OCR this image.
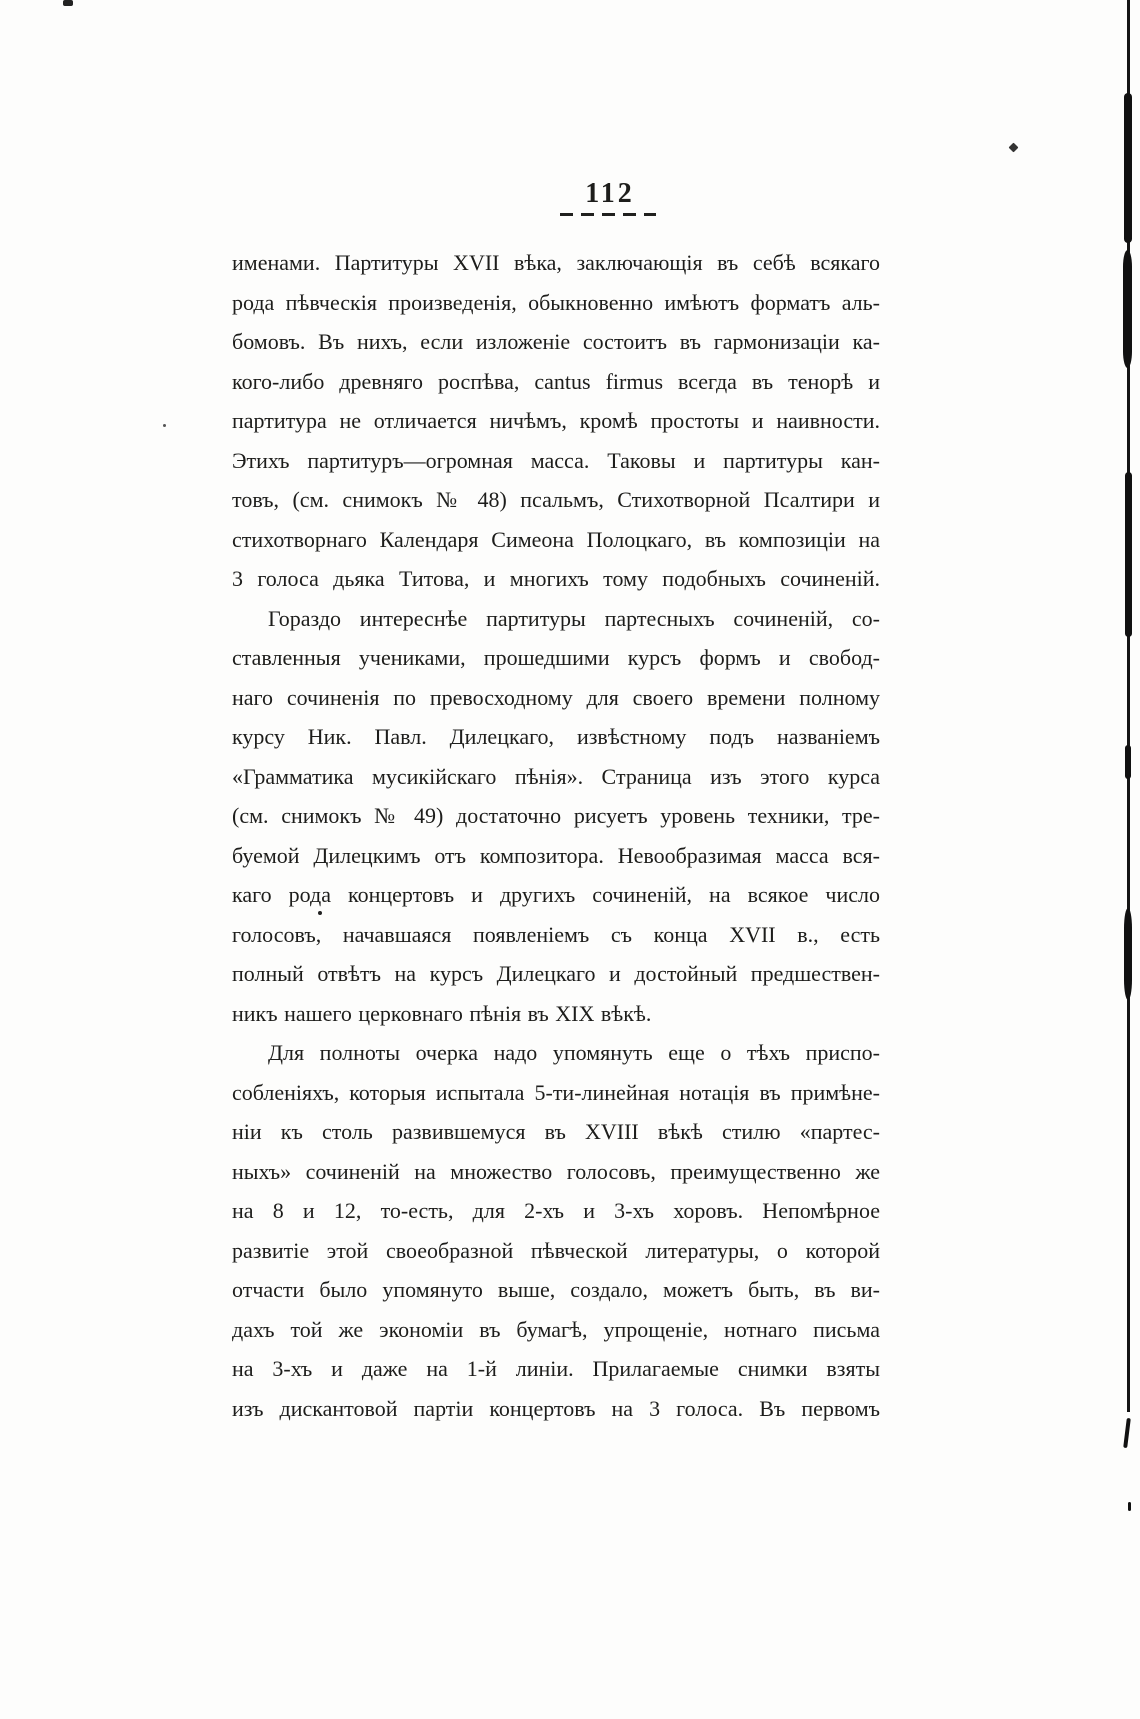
112
именами. Партитуры XVII вѣка, заключающія въ себѣ всякаго
рода пѣвческія произведенія, обыкновенно имѣютъ форматъ аль-
бомовъ. Въ нихъ, если изложеніе состоитъ въ гармонизаціи ка-
кого-либо древняго роспѣва, cantus firmus всегда въ тенорѣ и
партитура не отличается ничѣмъ, кромѣ простоты и наивности.
Этихъ партитуръ—огромная масса. Таковы и партитуры кан-
товъ, (см. снимокъ № 48) псальмъ, Стихотворной Псалтири и
стихотворнаго Календаря Симеона Полоцкаго, въ композиціи на
3 голоса дьяка Титова, и многихъ тому подобныхъ сочиненій.
Гораздо интереснѣе партитуры партесныхъ сочиненій, со-
ставленныя учениками, прошедшими курсъ формъ и свобод-
наго сочиненія по превосходному для своего времени полному
курсу Ник. Павл. Дилецкаго, извѣстному подъ названіемъ
«Грамматика мусикійскаго пѣнія». Страница изъ этого курса
(см. снимокъ № 49) достаточно рисуетъ уровень техники, тре-
буемой Дилецкимъ отъ композитора. Невообразимая масса вся-
каго рода концертовъ и другихъ сочиненій, на всякое число
голосовъ, начавшаяся появленіемъ съ конца XVII в., есть
полный отвѣтъ на курсъ Дилецкаго и достойный предшествен-
никъ нашего церковнаго пѣнія въ XIX вѣкѣ.
Для полноты очерка надо упомянуть еще о тѣхъ приспо-
собленіяхъ, которыя испытала 5-ти-линейная нотація въ примѣне-
ніи къ столь развившемуся въ XVIII вѣкѣ стилю «партес-
ныхъ» сочиненій на множество голосовъ, преимущественно же
на 8 и 12, то-есть, для 2-хъ и 3-хъ хоровъ. Непомѣрное
развитіе этой своеобразной пѣвческой литературы, о которой
отчасти было упомянуто выше, создало, можетъ быть, въ ви-
дахъ той же экономіи въ бумагѣ, упрощеніе, нотнаго письма
на 3-хъ и даже на 1-й линіи. Прилагаемые снимки взяты
изъ дискантовой партіи концертовъ на 3 голоса. Въ первомъ
